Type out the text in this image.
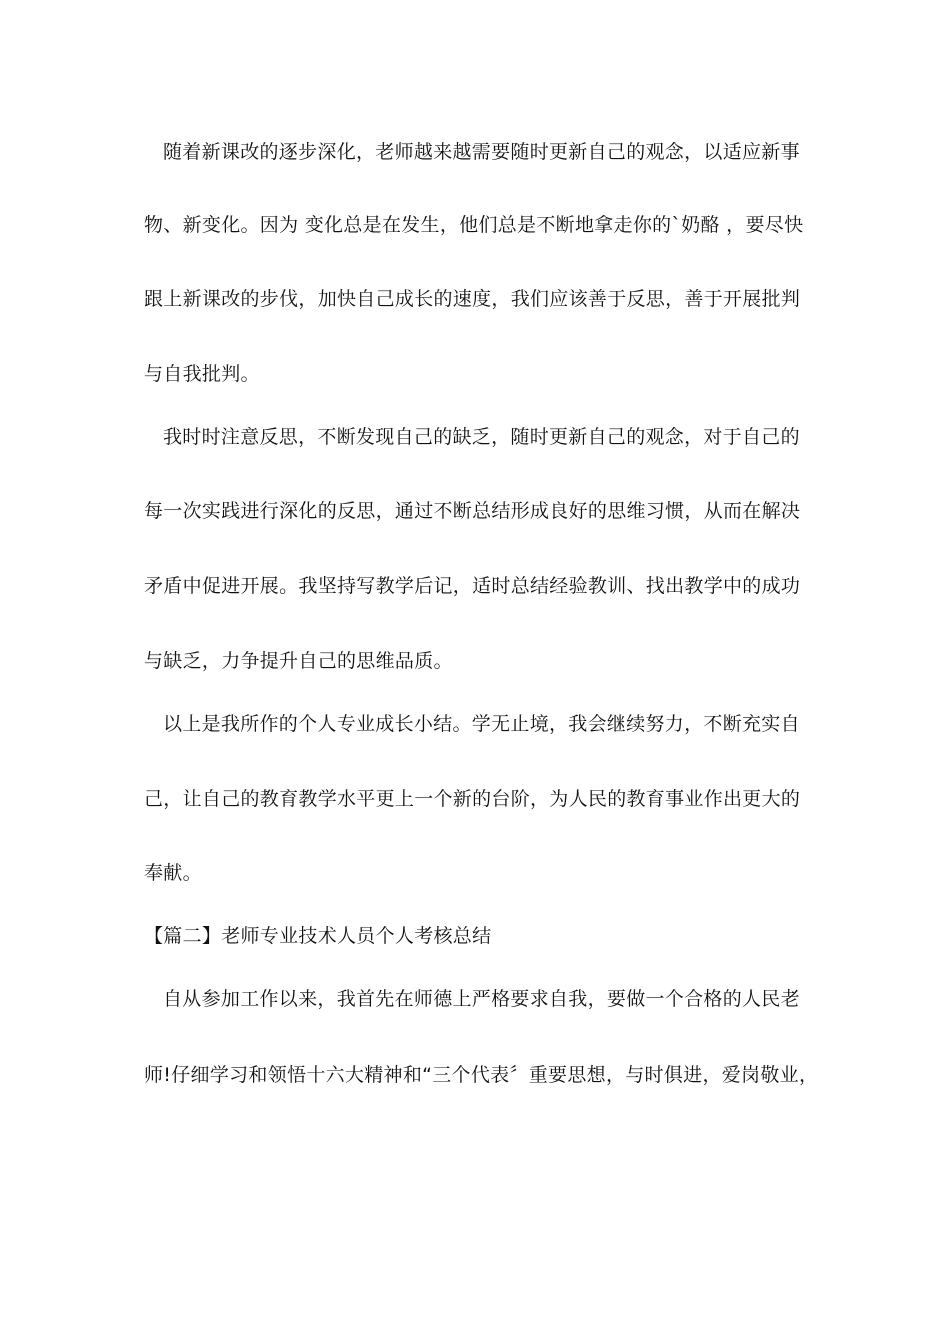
随着新课改的逐步深化，老师越来越需要随时更新自己的观念，以适应新事
物、新变化。因为 变化总是在发生，他们总是不断地拿走你的`奶酪 ，要尽快
跟上新课改的步伐，加快自己成长的速度，我们应该善于反思，善于开展批判
与自我批判。
我时时注意反思，不断发现自己的缺乏，随时更新自己的观念，对于自己的
每一次实践进行深化的反思，通过不断总结形成良好的思维习惯，从而在解决
矛盾中促进开展。我坚持写教学后记，适时总结经验教训、找出教学中的成功
与缺乏，力争提升自己的思维品质。
以上是我所作的个人专业成长小结。学无止境，我会继续努力，不断充实自
己，让自己的教育教学水平更上一个新的台阶，为人民的教育事业作出更大的
奉献。
【篇二】老师专业技术人员个人考核总结
自从参加工作以来，我首先在师德上严格要求自我，要做一个合格的人民老
师!仔细学习和领悟十六大精神和“三个代表〞重要思想，与时俱进，爱岗敬业，
